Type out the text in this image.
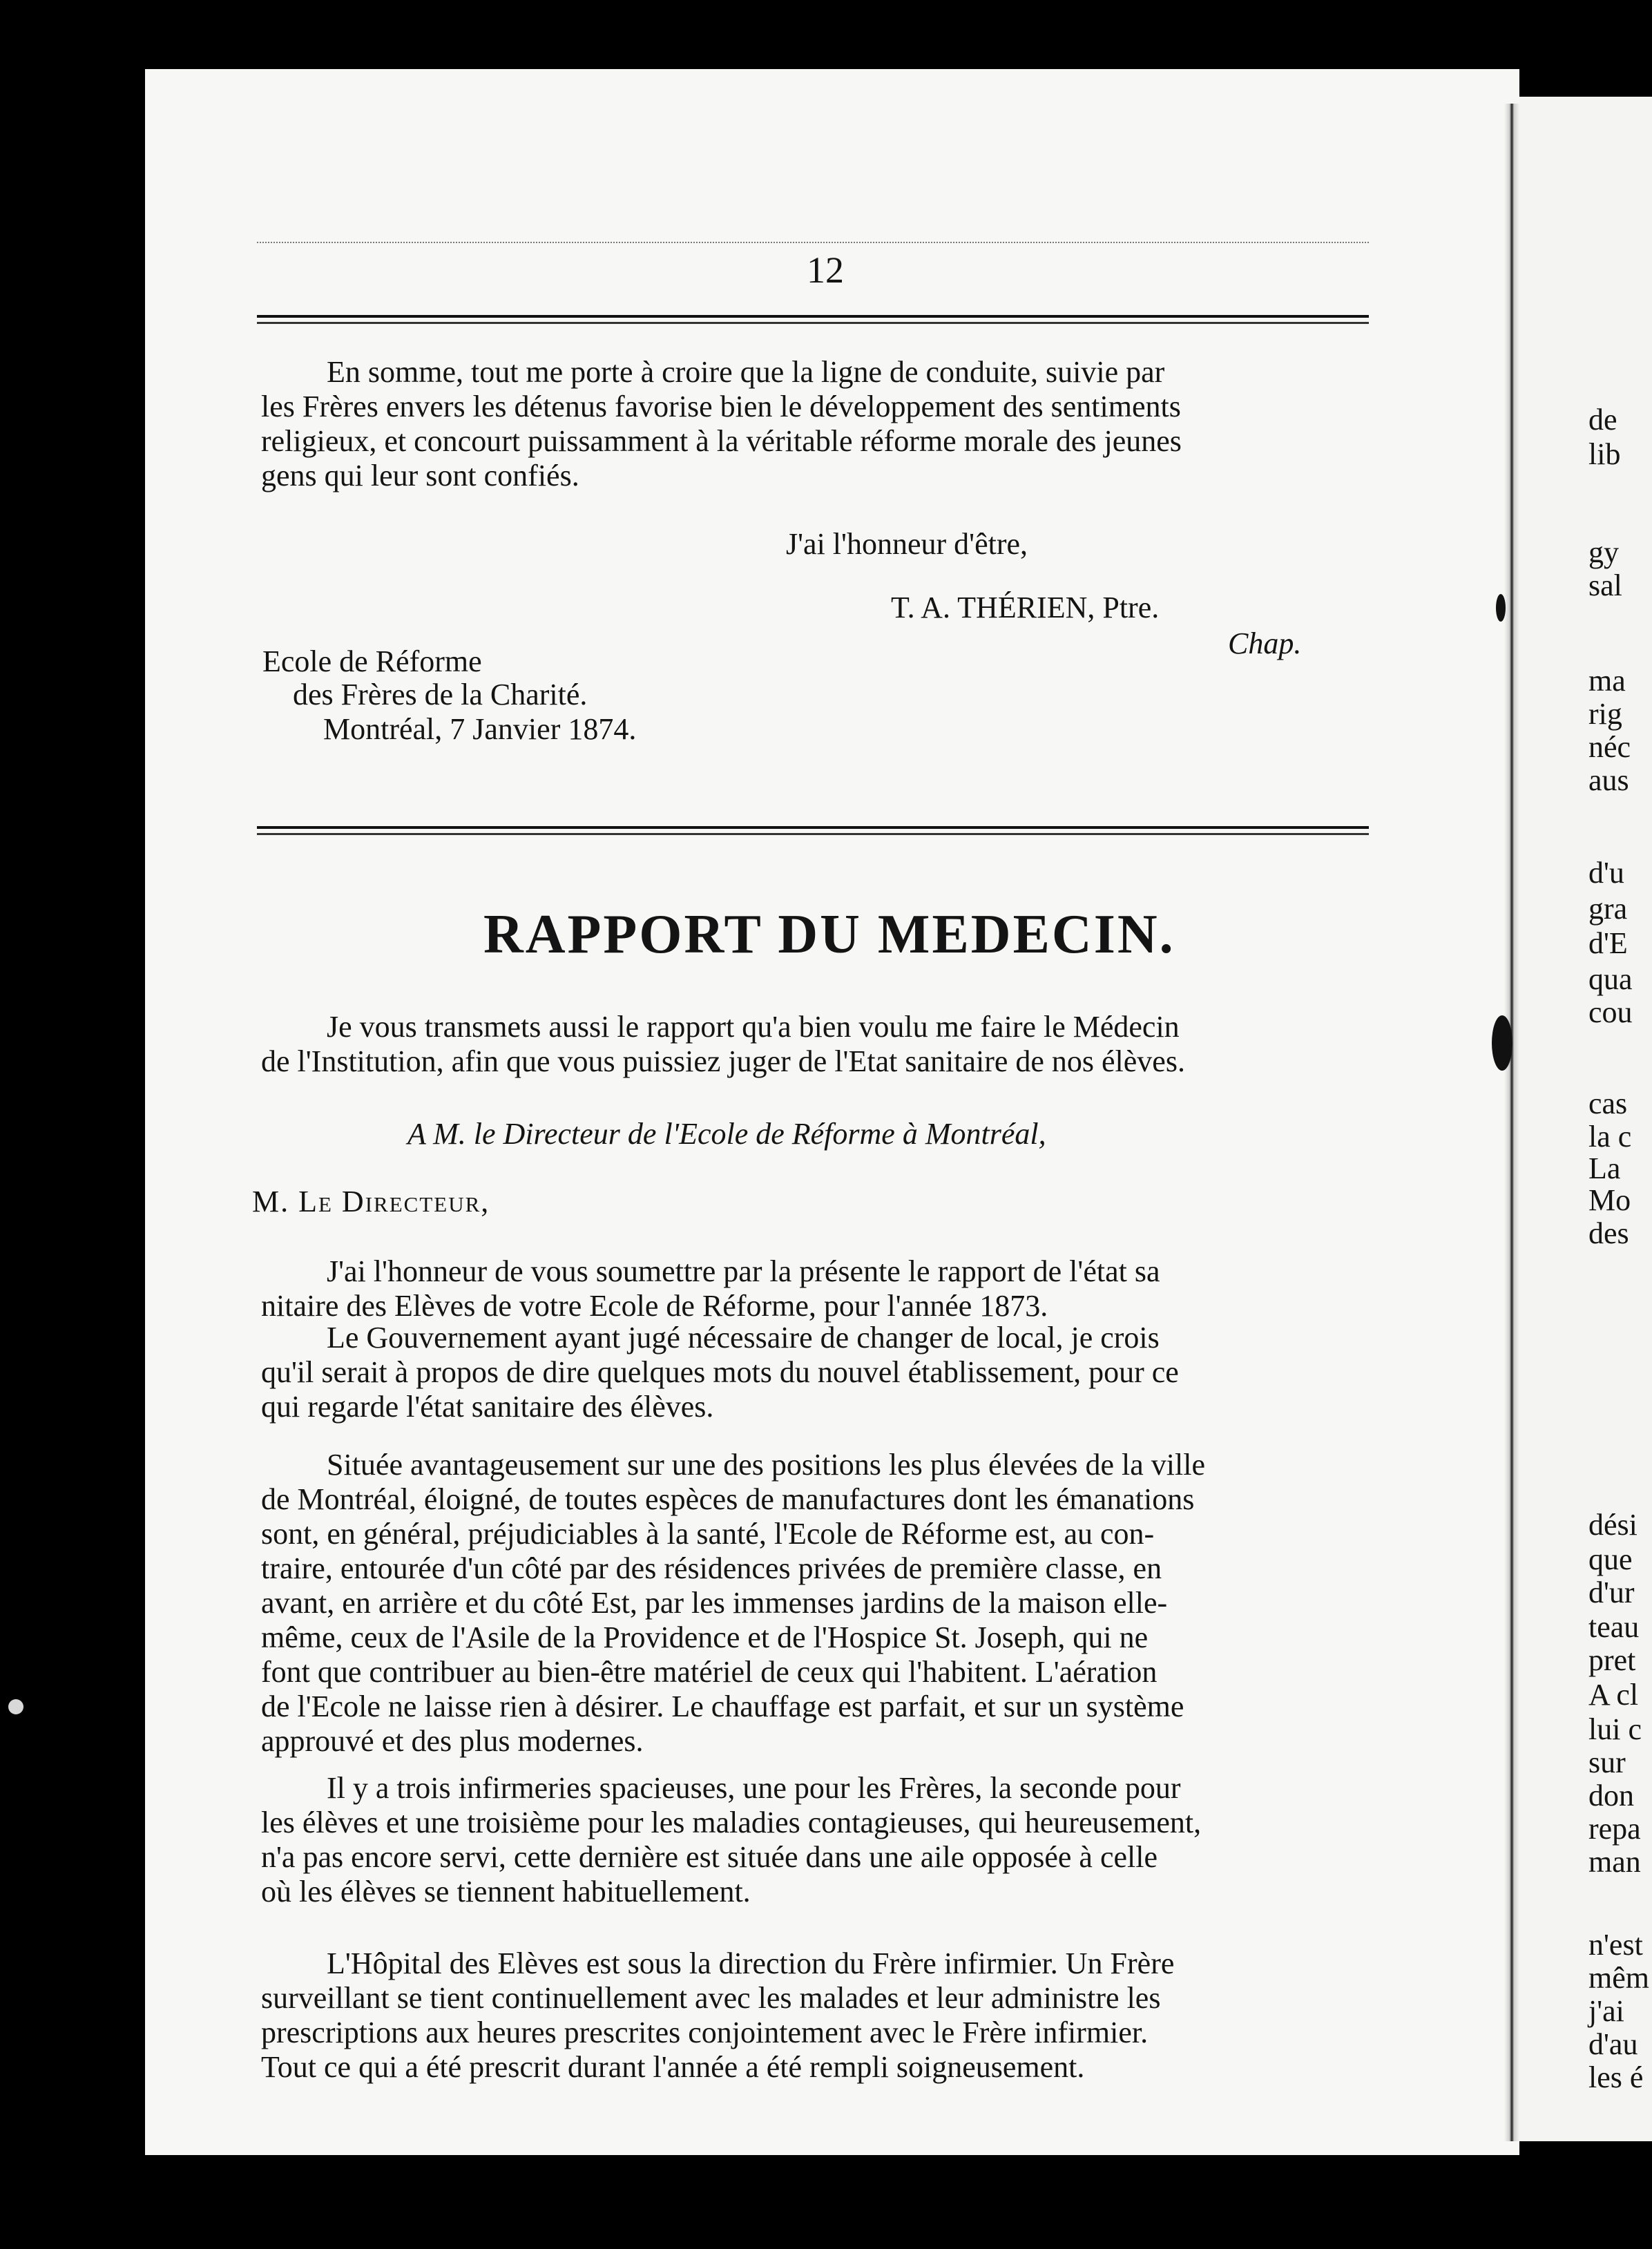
12

En somme, tout me porte à croire que la ligne de conduite, suivie par
les Frères envers les détenus favorise bien le développement des sentiments
religieux, et concourt puissamment à la véritable réforme morale des jeunes
gens qui leur sont confiés.

J'ai l'honneur d'être,
T. A. THÉRIEN, Ptre.
Chap.
Ecole de Réforme
des Frères de la Charité.
Montréal, 7 Janvier 1874.
RAPPORT DU MEDECIN.

Je vous transmets aussi le rapport qu'a bien voulu me faire le Médecin
de l'Institution, afin que vous puissiez juger de l'Etat sanitaire de nos élèves.

A M. le Directeur de l'Ecole de Réforme à Montréal,
M. Le Directeur,

J'ai l'honneur de vous soumettre par la présente le rapport de l'état sa
nitaire des Elèves de votre Ecole de Réforme, pour l'année 1873.

Le Gouvernement ayant jugé nécessaire de changer de local, je crois
qu'il serait à propos de dire quelques mots du nouvel établissement, pour ce
qui regarde l'état sanitaire des élèves.

Située avantageusement sur une des positions les plus élevées de la ville
de Montréal, éloigné, de toutes espèces de manufactures dont les émanations
sont, en général, préjudiciables à la santé, l'Ecole de Réforme est, au con-
traire, entourée d'un côté par des résidences privées de première classe, en
avant, en arrière et du côté Est, par les immenses jardins de la maison elle-
même, ceux de l'Asile de la Providence et de l'Hospice St. Joseph, qui ne
font que contribuer au bien-être matériel de ceux qui l'habitent. L'aération
de l'Ecole ne laisse rien à désirer. Le chauffage est parfait, et sur un système
approuvé et des plus modernes.

Il y a trois infirmeries spacieuses, une pour les Frères, la seconde pour
les élèves et une troisième pour les maladies contagieuses, qui heureusement,
n'a pas encore servi, cette dernière est située dans une aile opposée à celle
où les élèves se tiennent habituellement.

L'Hôpital des Elèves est sous la direction du Frère infirmier. Un Frère
surveillant se tient continuellement avec les malades et leur administre les
prescriptions aux heures prescrites conjointement avec le Frère infirmier.
Tout ce qui a été prescrit durant l'année a été rempli soigneusement.

de
lib
gy
sal
ma
rig
néc
aus
d'u
gra
d'E
qua
cou
cas
la c
La
Mo
des
dési
que
d'ur
teau
pret
A cl
lui c
sur
don
repa
man
n'est
mêm
j'ai
d'au
les é
